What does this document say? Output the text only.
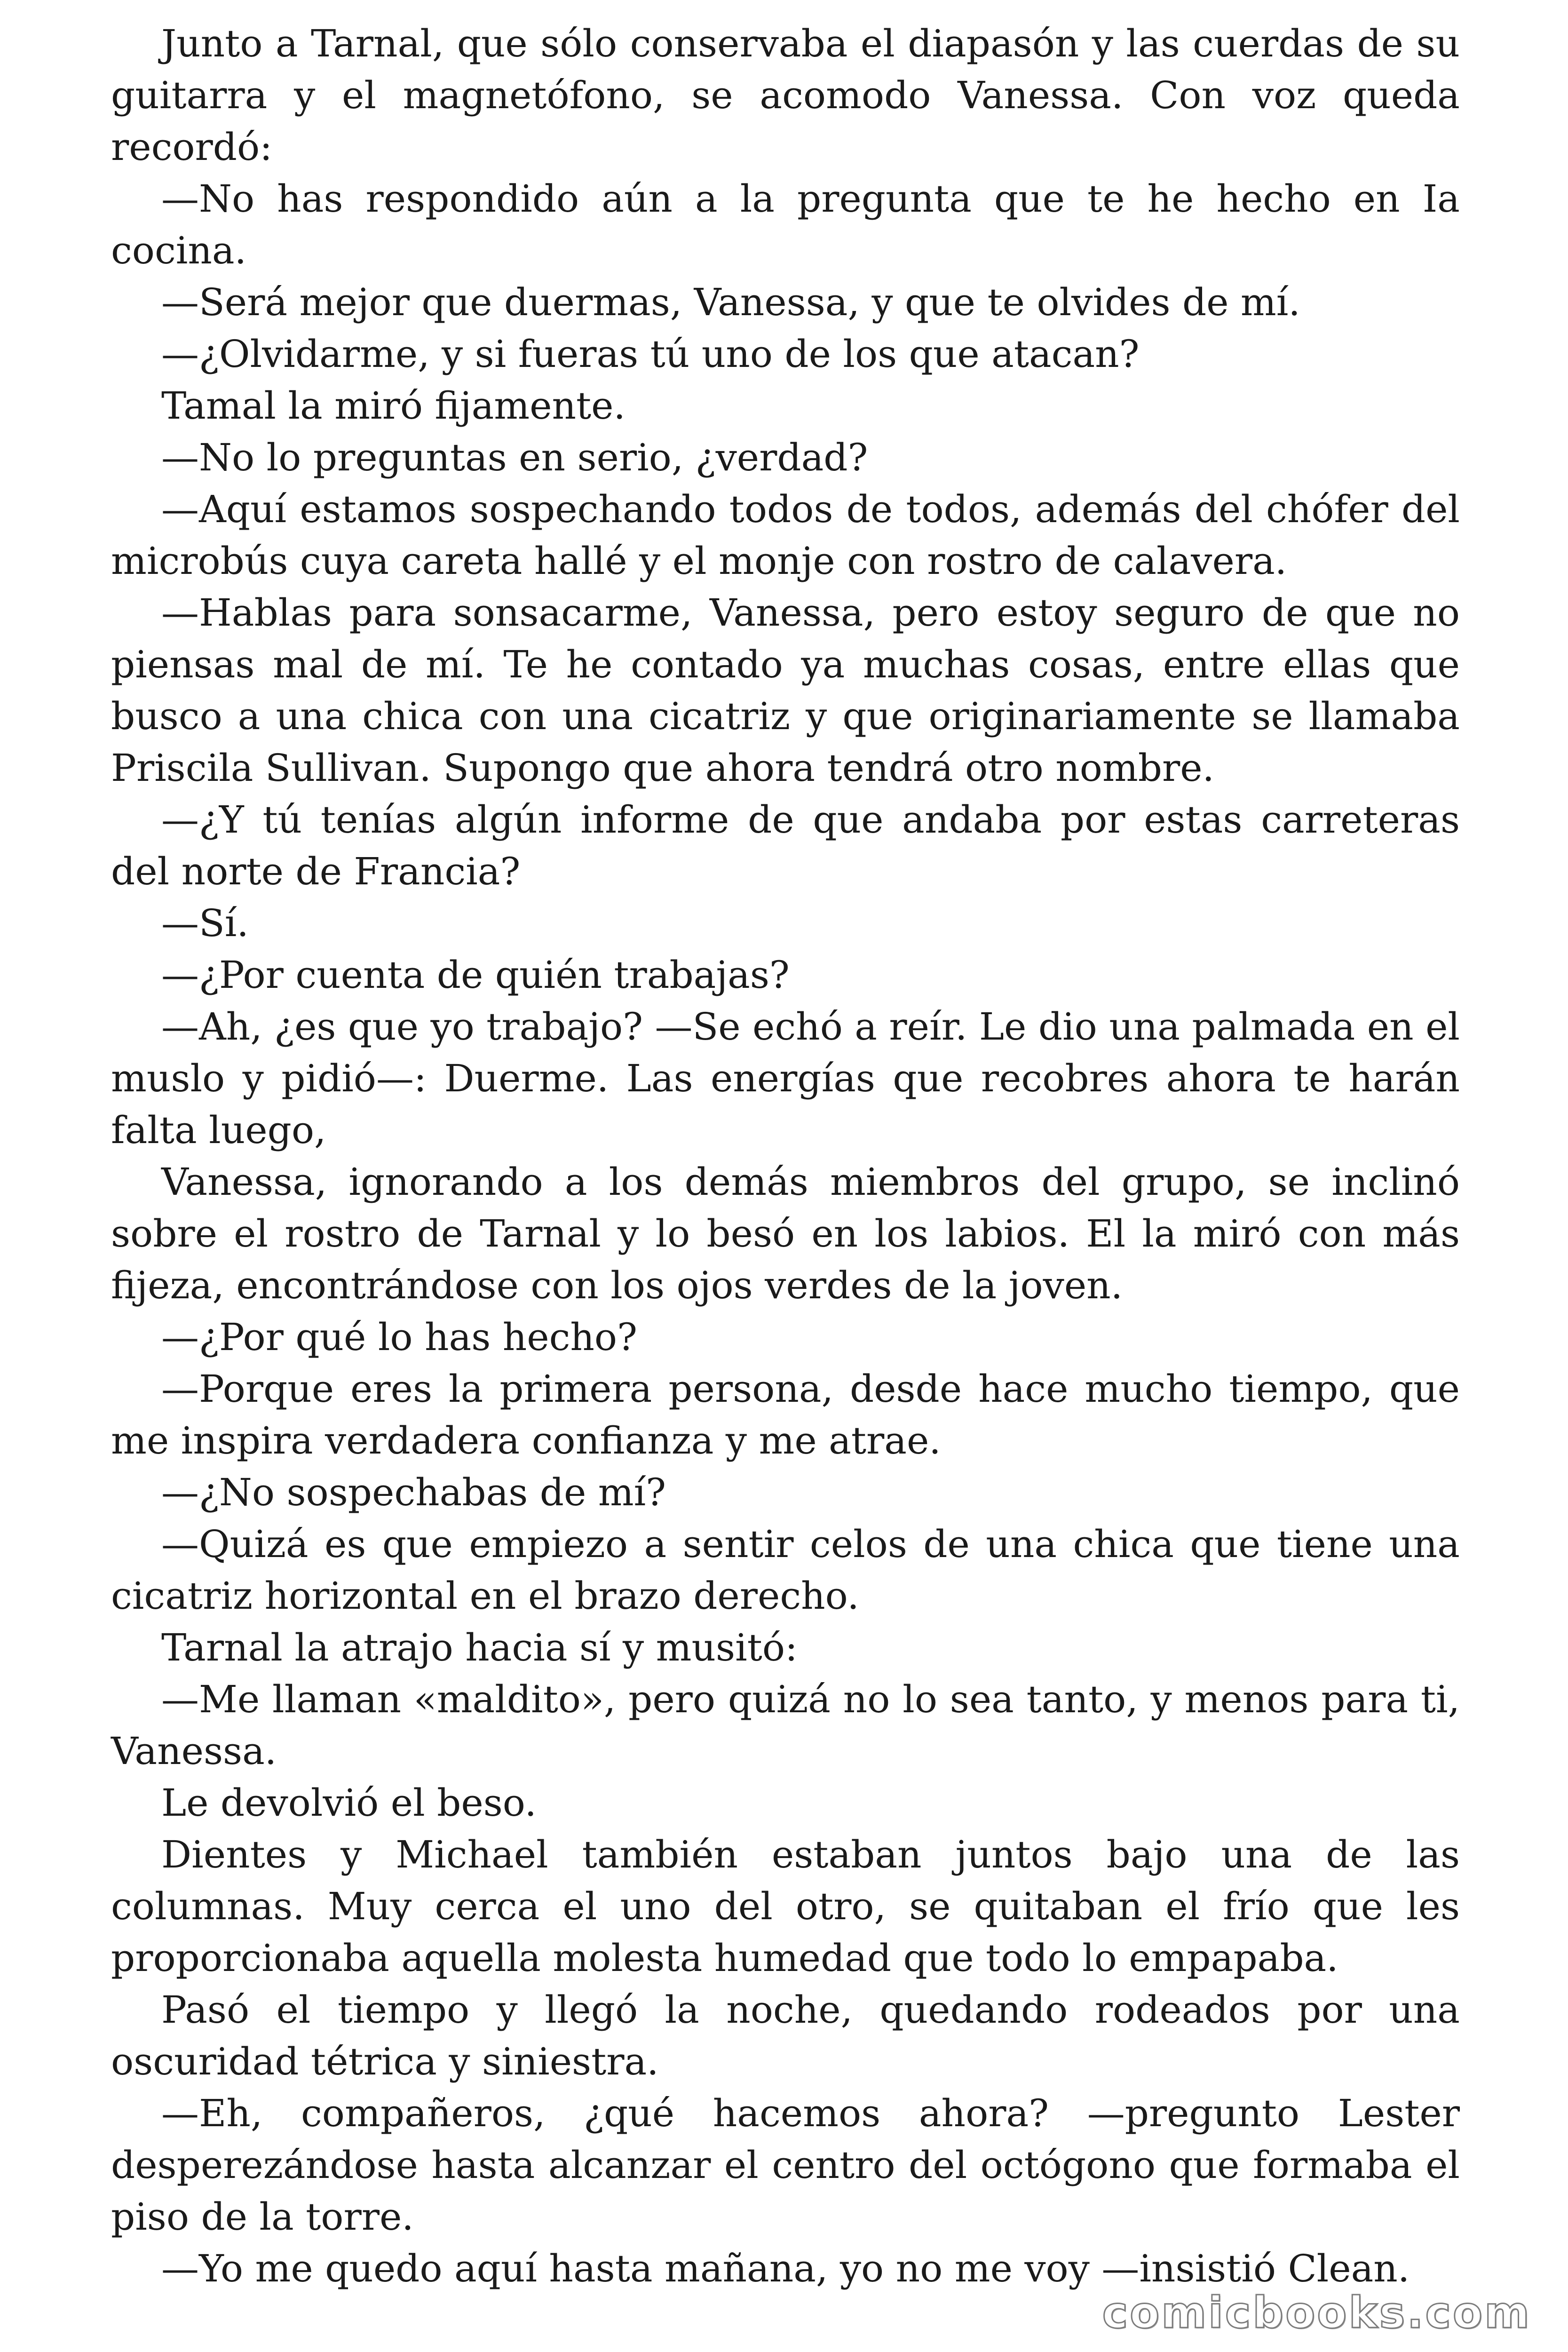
Junto a Tarnal, que sólo conservaba el diapasón y las cuerdas de su guitarra y el magnetófono, se acomodo Vanessa. Con voz queda recordó:

—No has respondido aún a la pregunta que te he hecho en Ia cocina.

—Será mejor que duermas, Vanessa, y que te olvides de mí.

—¿Olvidarme, y si fueras tú uno de los que atacan?

Tamal la miró fijamente.

—No lo preguntas en serio, ¿verdad?

—Aquí estamos sospechando todos de todos, además del chófer del microbús cuya careta hallé y el monje con rostro de calavera.

—Hablas para sonsacarme, Vanessa, pero estoy seguro de que no piensas mal de mí. Te he contado ya muchas cosas, entre ellas que busco a una chica con una cicatriz y que originariamente se llamaba Priscila Sullivan. Supongo que ahora tendrá otro nombre.

—¿Y tú tenías algún informe de que andaba por estas carreteras del norte de Francia?

—Sí.

—¿Por cuenta de quién trabajas?

—Ah, ¿es que yo trabajo? —Se echó a reír. Le dio una palmada en el muslo y pidió—: Duerme. Las energías que recobres ahora te harán falta luego,

Vanessa, ignorando a los demás miembros del grupo, se inclinó sobre el rostro de Tarnal y lo besó en los labios. El la miró con más fijeza, encontrándose con los ojos verdes de la joven.

—¿Por qué lo has hecho?

—Porque eres la primera persona, desde hace mucho tiempo, que me inspira verdadera confianza y me atrae.

—¿No sospechabas de mí?

—Quizá es que empiezo a sentir celos de una chica que tiene una cicatriz horizontal en el brazo derecho.

Tarnal la atrajo hacia sí y musitó:

—Me llaman «maldito», pero quizá no lo sea tanto, y menos para ti, Vanessa.

Le devolvió el beso.

Dientes y Michael también estaban juntos bajo una de las columnas. Muy cerca el uno del otro, se quitaban el frío que les proporcionaba aquella molesta humedad que todo lo empapaba.

Pasó el tiempo y llegó la noche, quedando rodeados por una oscuridad tétrica y siniestra.

—Eh, compañeros, ¿qué hacemos ahora? —pregunto Lester desperezándose hasta alcanzar el centro del octógono que formaba el piso de la torre.

—Yo me quedo aquí hasta mañana, yo no me voy —insistió Clean.

comicbooks.com
